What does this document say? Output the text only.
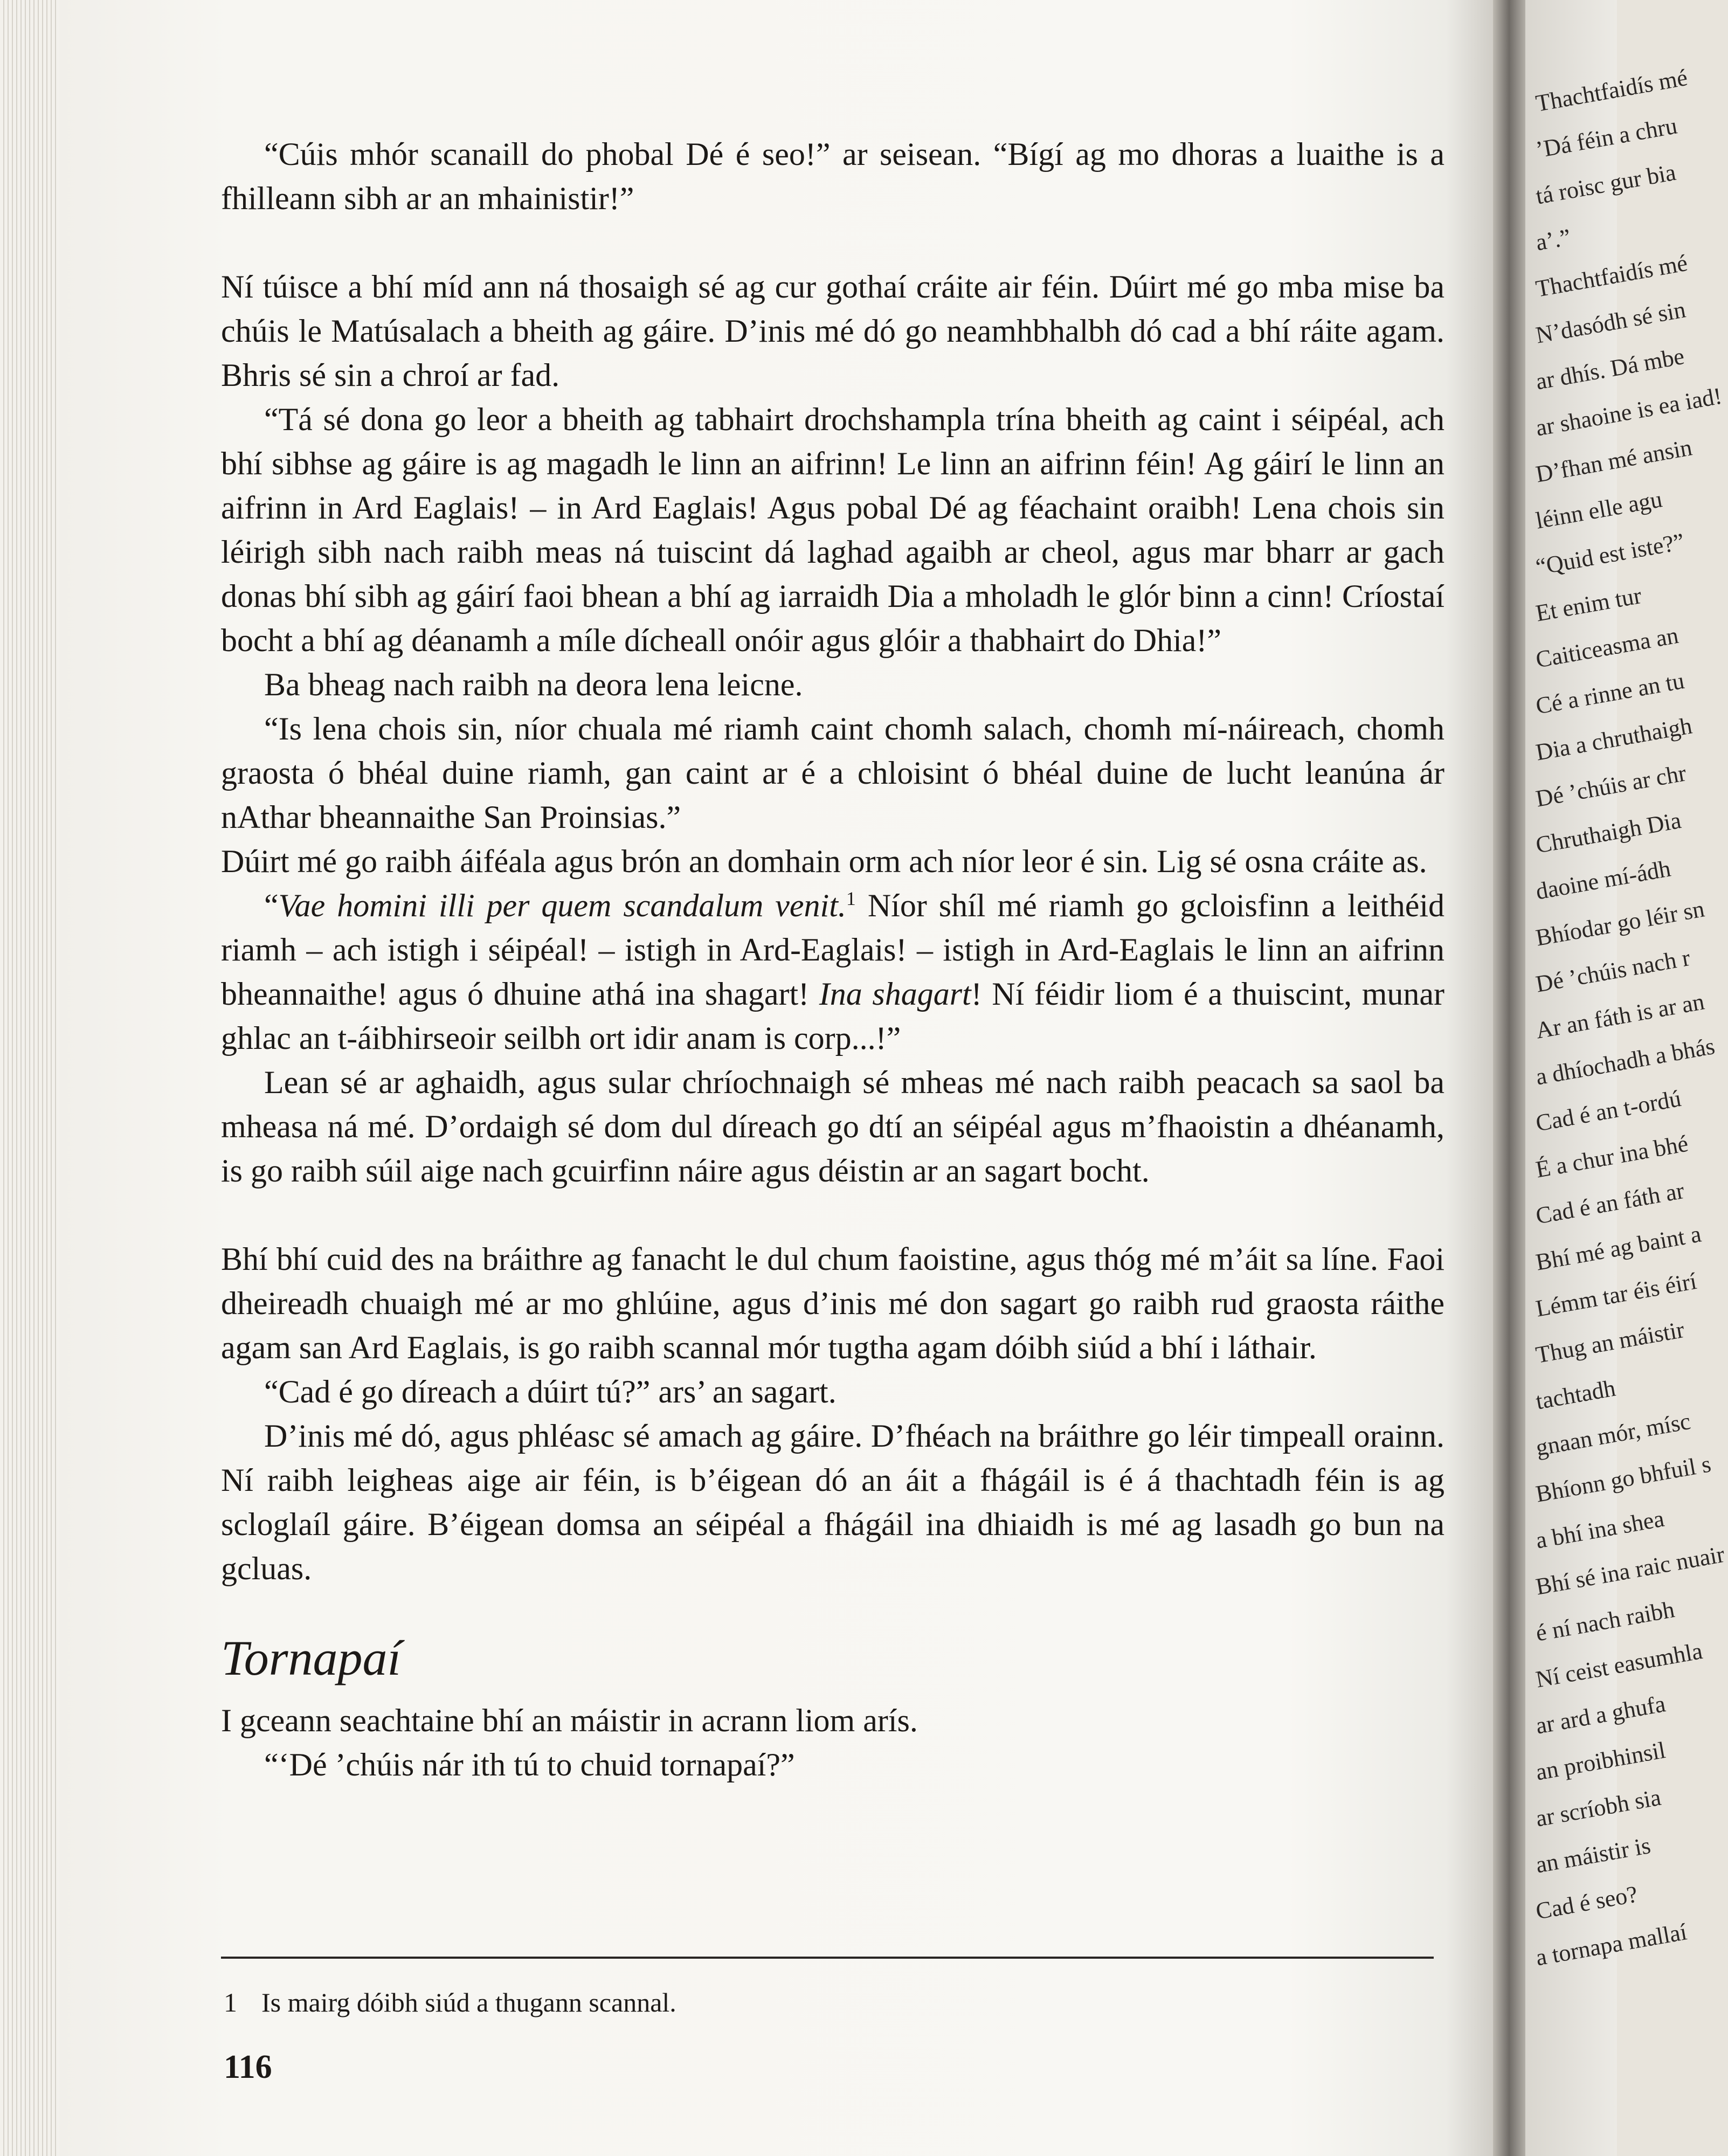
Thachtfaidís mé
’Dá féin a chru
tá roisc gur bia
a’.”
Thachtfaidís mé
N’dasódh sé sin
ar dhís. Dá mbe
ar shaoine is ea iad!
D’fhan mé ansin
léinn elle agu
“Quid est iste?”
Et enim tur
Caiticeasma an
Cé a rinne an tu
Dia a chruthaigh
Dé ’chúis ar chr
Chruthaigh Dia
daoine mí-ádh
Bhíodar go léir sn
Dé ’chúis nach r
Ar an fáth is ar an
a dhíochadh a bhás
Cad é an t-ordú
É a chur ina bhé
Cad é an fáth ar
Bhí mé ag baint a
Lémm tar éis éirí
Thug an máistir
tachtadh
gnaan mór, mísc
Bhíonn go bhfuil s
a bhí ina shea
Bhí sé ina raic nuair
é ní nach raibh
Ní ceist easumhla
ar ard a ghufa
an proibhinsil
ar scríobh sia
an máistir is
Cad é seo?
a tornapa mallaí

“Cúis mhór scanaill do phobal Dé é seo!” ar seisean. “Bígí ag mo dhoras a luaithe is a fhilleann sibh ar an mhainistir!”

Ní túisce a bhí míd ann ná thosaigh sé ag cur gothaí cráite air féin. Dúirt mé go mba mise ba chúis le Matúsalach a bheith ag gáire. D’inis mé dó go neamhbhalbh dó cad a bhí ráite agam. Bhris sé sin a chroí ar fad.

“Tá sé dona go leor a bheith ag tabhairt drochshampla trína bheith ag caint i séipéal, ach bhí sibhse ag gáire is ag magadh le linn an aifrinn! Le linn an aifrinn féin! Ag gáirí le linn an aifrinn in Ard Eaglais! – in Ard Eaglais! Agus pobal Dé ag féachaint oraibh! Lena chois sin léirigh sibh nach raibh meas ná tuiscint dá laghad agaibh ar cheol, agus mar bharr ar gach donas bhí sibh ag gáirí faoi bhean a bhí ag iarraidh Dia a mholadh le glór binn a cinn! Críostaí bocht a bhí ag déanamh a míle dícheall onóir agus glóir a thabhairt do Dhia!”

Ba bheag nach raibh na deora lena leicne.

“Is lena chois sin, níor chuala mé riamh caint chomh salach, chomh mí-náireach, chomh graosta ó bhéal duine riamh, gan caint ar é a chloisint ó bhéal duine de lucht leanúna ár nAthar bheannaithe San Proinsias.”

Dúirt mé go raibh áiféala agus brón an domhain orm ach níor leor é sin. Lig sé osna cráite as.

“Vae homini illi per quem scandalum venit.$^1$ Níor shíl mé riamh go gcloisfinn a leithéid riamh – ach istigh i séipéal! – istigh in Ard-Eaglais! – istigh in Ard-Eaglais le linn an aifrinn bheannaithe! agus ó dhuine athá ina shagart! Ina shagart! Ní féidir liom é a thuiscint, munar ghlac an t-áibhirseoir seilbh ort idir anam is corp...!”

Lean sé ar aghaidh, agus sular chríochnaigh sé mheas mé nach raibh peacach sa saol ba mheasa ná mé. D’ordaigh sé dom dul díreach go dtí an séipéal agus m’fhaoistin a dhéanamh, is go raibh súil aige nach gcuirfinn náire agus déistin ar an sagart bocht.

Bhí bhí cuid des na bráithre ag fanacht le dul chum faoistine, agus thóg mé m’áit sa líne. Faoi dheireadh chuaigh mé ar mo ghlúine, agus d’inis mé don sagart go raibh rud graosta ráithe agam san Ard Eaglais, is go raibh scannal mór tugtha agam dóibh siúd a bhí i láthair.

“Cad é go díreach a dúirt tú?” ars’ an sagart.

D’inis mé dó, agus phléasc sé amach ag gáire. D’fhéach na bráithre go léir timpeall orainn. Ní raibh leigheas aige air féin, is b’éigean dó an áit a fhágáil is é á thachtadh féin is ag scloglaíl gáire. B’éigean domsa an séipéal a fhágáil ina dhiaidh is mé ag lasadh go bun na gcluas.

Tornapaí

I gceann seachtaine bhí an máistir in acrann liom arís.

“‘Dé ’chúis nár ith tú to chuid tornapaí?”

1 Is mairg dóibh siúd a thugann scannal.
116
